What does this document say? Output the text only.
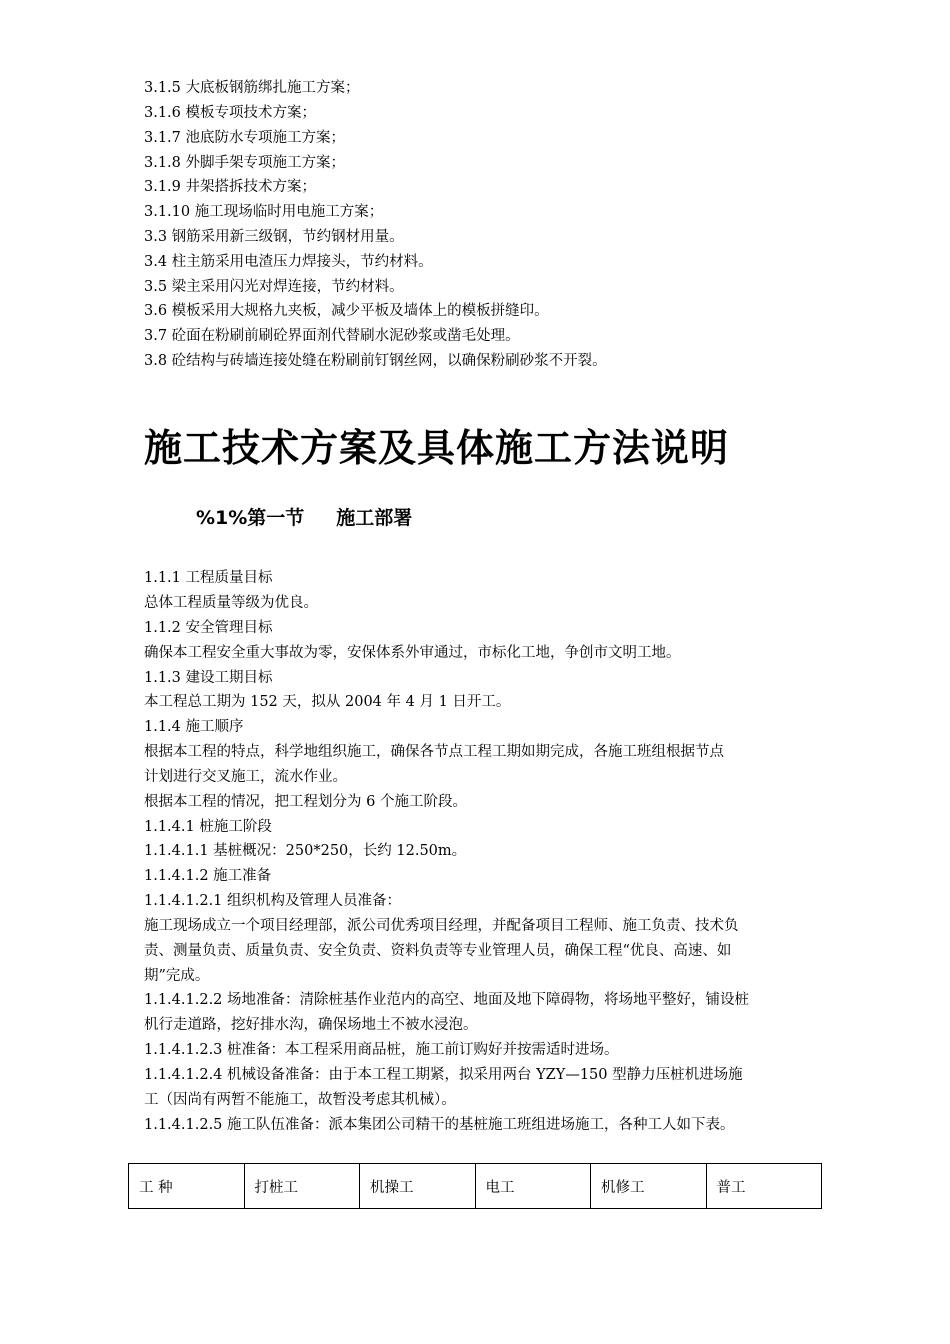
3.1.5 大底板钢筋绑扎施工方案；
3.1.6 模板专项技术方案；
3.1.7 池底防水专项施工方案；
3.1.8 外脚手架专项施工方案；
3.1.9 井架搭拆技术方案；
3.1.10 施工现场临时用电施工方案；
3.3 钢筋采用新三级钢，节约钢材用量。
3.4 柱主筋采用电渣压力焊接头，节约材料。
3.5 梁主采用闪光对焊连接，节约材料。
3.6 模板采用大规格九夹板，减少平板及墙体上的模板拼缝印。
3.7 砼面在粉刷前刷砼界面剂代替刷水泥砂浆或凿毛处理。
3.8 砼结构与砖墙连接处缝在粉刷前钉钢丝网，以确保粉刷砂浆不开裂。
施工技术方案及具体施工方法说明
%1%第一节 施工部署
1.1.1 工程质量目标
总体工程质量等级为优良。
1.1.2 安全管理目标
确保本工程安全重大事故为零，安保体系外审通过，市标化工地，争创市文明工地。
1.1.3 建设工期目标
本工程总工期为 152 天，拟从 2004 年 4 月 1 日开工。
1.1.4 施工顺序
根据本工程的特点，科学地组织施工，确保各节点工程工期如期完成，各施工班组根据节点
计划进行交叉施工，流水作业。
根据本工程的情况，把工程划分为 6 个施工阶段。
1.1.4.1 桩施工阶段
1.1.4.1.1 基桩概况：250*250，长约 12.50m。
1.1.4.1.2 施工准备
1.1.4.1.2.1 组织机构及管理人员准备：
施工现场成立一个项目经理部，派公司优秀项目经理，并配备项目工程师、施工负责、技术负
责、测量负责、质量负责、安全负责、资料负责等专业管理人员，确保工程“优良、高速、如
期”完成。
1.1.4.1.2.2 场地准备：清除桩基作业范内的高空、地面及地下障碍物，将场地平整好，铺设桩
机行走道路，挖好排水沟，确保场地土不被水浸泡。
1.1.4.1.2.3 桩准备：本工程采用商品桩，施工前订购好并按需适时进场。
1.1.4.1.2.4 机械设备准备：由于本工程工期紧，拟采用两台 YZY—150 型静力压桩机进场施
工（因尚有两暂不能施工，故暂没考虑其机械）。
1.1.4.1.2.5 施工队伍准备：派本集团公司精干的基桩施工班组进场施工，各种工人如下表。
工 种	打桩工	机操工	电工	机修工	普工
